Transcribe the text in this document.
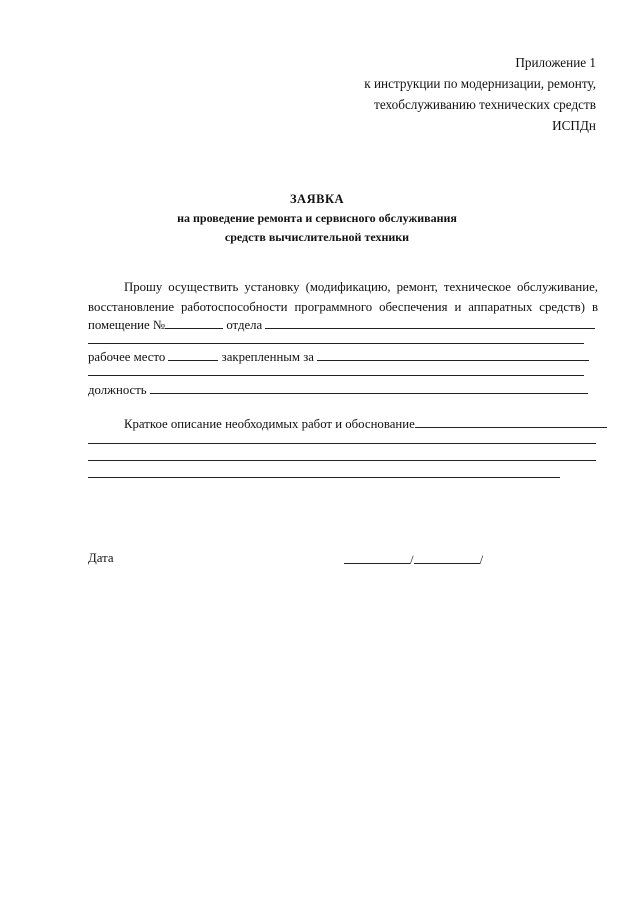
Приложение 1
к инструкции по модернизации, ремонту,
техобслуживанию технических средств
ИСПДн
ЗАЯВКА
на проведение ремонта и сервисного обслуживания
средств вычислительной техники
Прошу осуществить установку (модификацию, ремонт, техническое обслуживание, восстановление работоспособности программного обеспечения и аппаратных средств) в
помещение №	отдела
рабочее место	закрепленным за
должность
Краткое описание необходимых работ и обоснование
Дата	/	/
